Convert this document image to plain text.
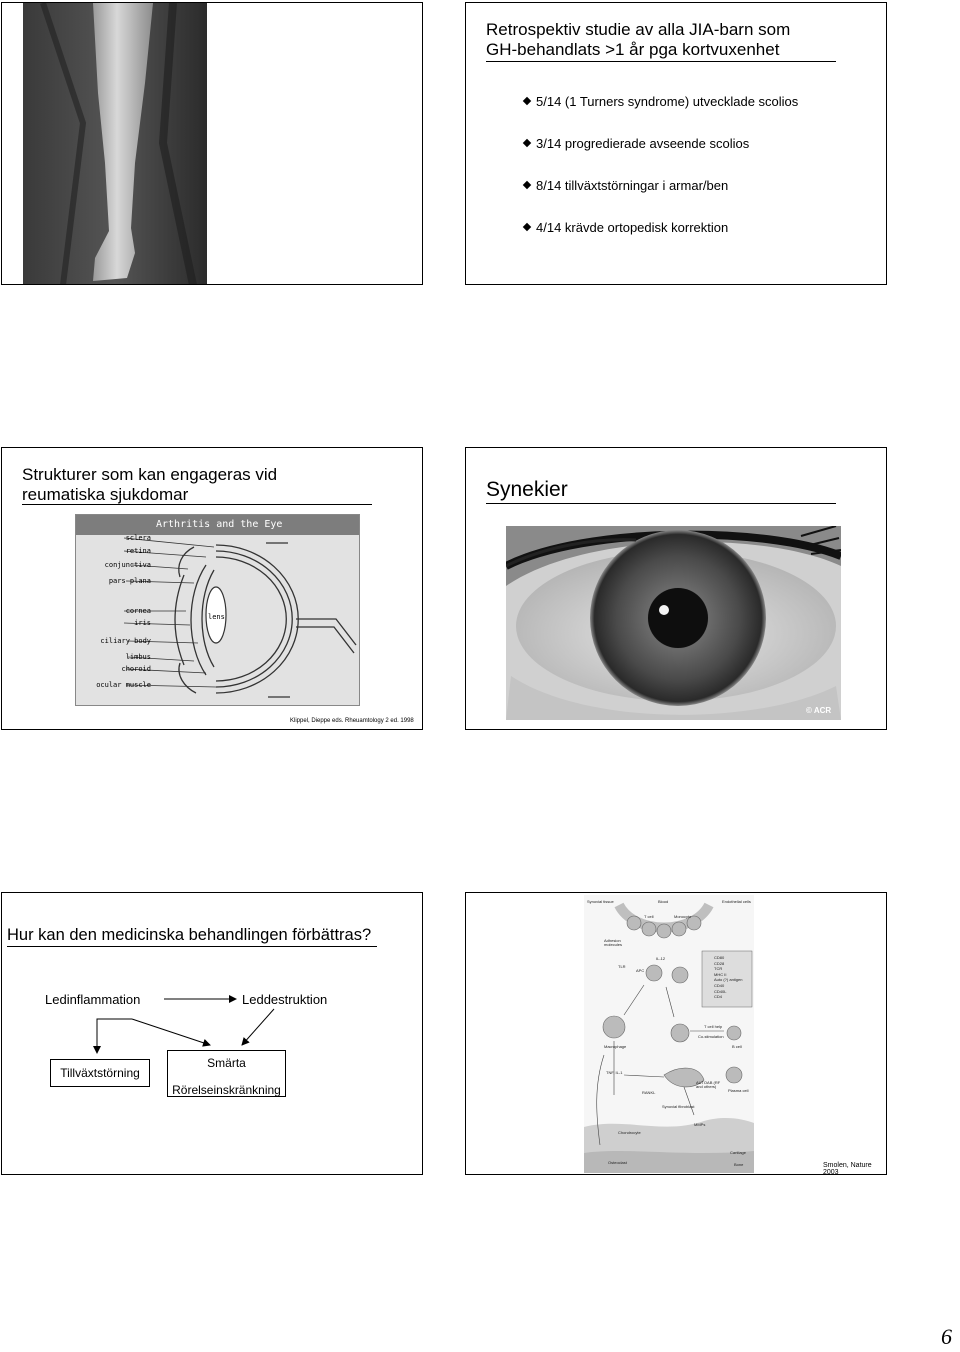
Retrospektiv studie av alla JIA-barn som
GH-behandlats >1 år pga kortvuxenhet
5/14 (1 Turners syndrome) utvecklade scolios
3/14 progredierade avseende scolios
8/14 tillväxtstörningar i armar/ben
4/14 krävde ortopedisk korrektion
Strukturer som kan engageras vid
reumatiska sjukdomar
Arthritis and the Eye
sclera
retina
conjunctiva
pars plana
cornea
iris
ciliary body
limbus
choroid
ocular muscle
lens
Klippel, Dieppe eds. Rheuamtology 2 ed. 1998
Synekier
© ACR
Hur kan den medicinska behandlingen förbättras?
Ledinflammation	Leddestruktion
Tillväxtstörning
Smärta
Rörelseinskränkning
Synovial tissue	Blood	Endothelial cells
T cell	Monocyte
Adhesion molecules
TLR
APC
IL-12
T cell help
Co-stimulation
Macrophage	B cell
TNF, IL-1
AUTOAB (RF and others)
Plasma cell
RANKL
Synovial fibroblast
MMPs
Chondrocyte
Cartilage
Osteoclast	Bone
CD80
CD28
TCR
MHC II
Auto (?) antigen
CD40
CD40L
CD4
Smolen, Nature 2003
6
